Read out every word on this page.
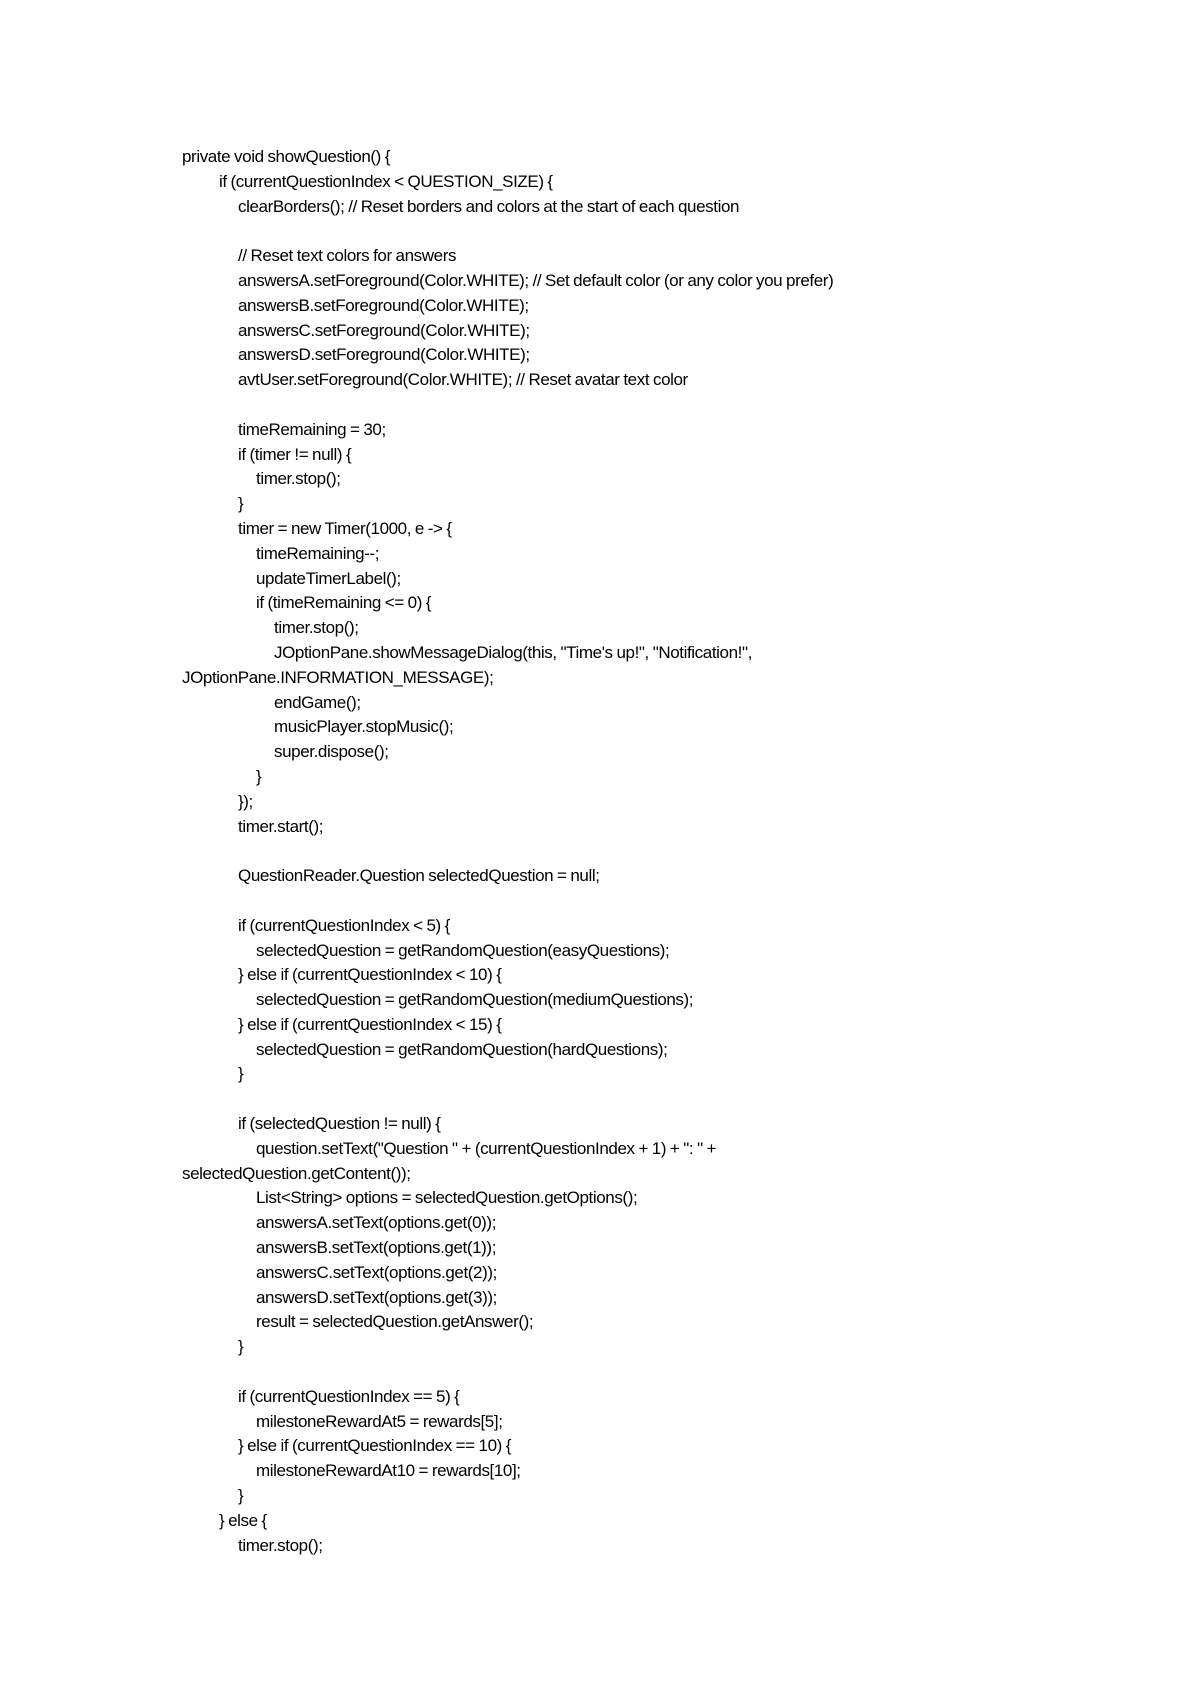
private void showQuestion() {
if (currentQuestionIndex < QUESTION_SIZE) {
clearBorders(); // Reset borders and colors at the start of each question
// Reset text colors for answers
answersA.setForeground(Color.WHITE); // Set default color (or any color you prefer)
answersB.setForeground(Color.WHITE);
answersC.setForeground(Color.WHITE);
answersD.setForeground(Color.WHITE);
avtUser.setForeground(Color.WHITE); // Reset avatar text color
timeRemaining = 30;
if (timer != null) {
timer.stop();
}
timer = new Timer(1000, e -> {
timeRemaining--;
updateTimerLabel();
if (timeRemaining <= 0) {
timer.stop();
JOptionPane.showMessageDialog(this, "Time's up!", "Notification!",
JOptionPane.INFORMATION_MESSAGE);
endGame();
musicPlayer.stopMusic();
super.dispose();
}
});
timer.start();
QuestionReader.Question selectedQuestion = null;
if (currentQuestionIndex < 5) {
selectedQuestion = getRandomQuestion(easyQuestions);
} else if (currentQuestionIndex < 10) {
selectedQuestion = getRandomQuestion(mediumQuestions);
} else if (currentQuestionIndex < 15) {
selectedQuestion = getRandomQuestion(hardQuestions);
}
if (selectedQuestion != null) {
question.setText("Question " + (currentQuestionIndex + 1) + ": " +
selectedQuestion.getContent());
List<String> options = selectedQuestion.getOptions();
answersA.setText(options.get(0));
answersB.setText(options.get(1));
answersC.setText(options.get(2));
answersD.setText(options.get(3));
result = selectedQuestion.getAnswer();
}
if (currentQuestionIndex == 5) {
milestoneRewardAt5 = rewards[5];
} else if (currentQuestionIndex == 10) {
milestoneRewardAt10 = rewards[10];
}
} else {
timer.stop();
